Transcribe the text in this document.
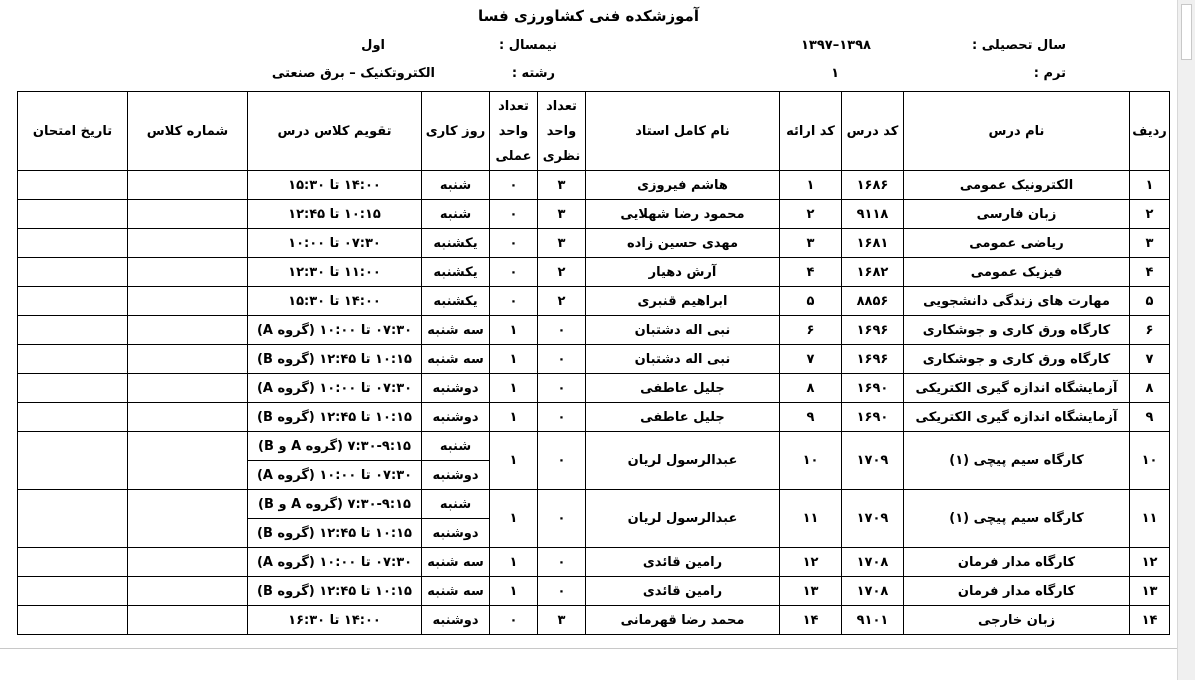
آموزشکده فنی کشاورزی فسا
سال تحصیلی :
۱۳۹۸–۱۳۹۷
نیمسال :
اول
ترم :
۱
رشته :
الکتروتکنیک – برق صنعتی
ردیف	نام درس	کد درس	کد ارائه	نام کامل استاد	تعداد واحد نظری	تعداد واحد عملی	روز کاری	تقویم کلاس درس	شماره کلاس	تاریخ امتحان
۱	الکترونیک عمومی	۱۶۸۶	۱	هاشم فیروزی	۳	۰	شنبه	۱۴:۰۰ تا ۱۵:۳۰		
۲	زبان فارسی	۹۱۱۸	۲	محمود رضا شهلایی	۳	۰	شنبه	۱۰:۱۵ تا ۱۲:۴۵		
۳	ریاضی عمومی	۱۶۸۱	۳	مهدی حسین زاده	۳	۰	یکشنبه	۰۷:۳۰ تا ۱۰:۰۰		
۴	فیزیک عمومی	۱۶۸۲	۴	آرش دهیار	۲	۰	یکشنبه	۱۱:۰۰ تا ۱۲:۳۰		
۵	مهارت های زندگی دانشجویی	۸۸۵۶	۵	ابراهیم قنبری	۲	۰	یکشنبه	۱۴:۰۰ تا ۱۵:۳۰		
۶	کارگاه ورق کاری و جوشکاری	۱۶۹۶	۶	نبی اله دشتبان	۰	۱	سه شنبه	۰۷:۳۰ تا ۱۰:۰۰ (گروه A)		
۷	کارگاه ورق کاری و جوشکاری	۱۶۹۶	۷	نبی اله دشتبان	۰	۱	سه شنبه	۱۰:۱۵ تا ۱۲:۴۵ (گروه B)		
۸	آزمایشگاه اندازه گیری الکتریکی	۱۶۹۰	۸	جلیل عاطفی	۰	۱	دوشنبه	۰۷:۳۰ تا ۱۰:۰۰ (گروه A)		
۹	آزمایشگاه اندازه گیری الکتریکی	۱۶۹۰	۹	جلیل عاطفی	۰	۱	دوشنبه	۱۰:۱۵ تا ۱۲:۴۵ (گروه B)		
۱۰	کارگاه سیم پیچی (۱)	۱۷۰۹	۱۰	عبدالرسول لریان	۰	۱	شنبه	۷:۳۰-۹:۱۵ (گروه A و B)		
							دوشنبه	۰۷:۳۰ تا ۱۰:۰۰ (گروه A)		
۱۱	کارگاه سیم پیچی (۱)	۱۷۰۹	۱۱	عبدالرسول لریان	۰	۱	شنبه	۷:۳۰-۹:۱۵ (گروه A و B)		
							دوشنبه	۱۰:۱۵ تا ۱۲:۴۵ (گروه B)		
۱۲	کارگاه مدار فرمان	۱۷۰۸	۱۲	رامین قائدی	۰	۱	سه شنبه	۰۷:۳۰ تا ۱۰:۰۰ (گروه A)		
۱۳	کارگاه مدار فرمان	۱۷۰۸	۱۳	رامین قائدی	۰	۱	سه شنبه	۱۰:۱۵ تا ۱۲:۴۵ (گروه B)		
۱۴	زبان خارجی	۹۱۰۱	۱۴	محمد رضا قهرمانی	۳	۰	دوشنبه	۱۴:۰۰ تا ۱۶:۳۰		
